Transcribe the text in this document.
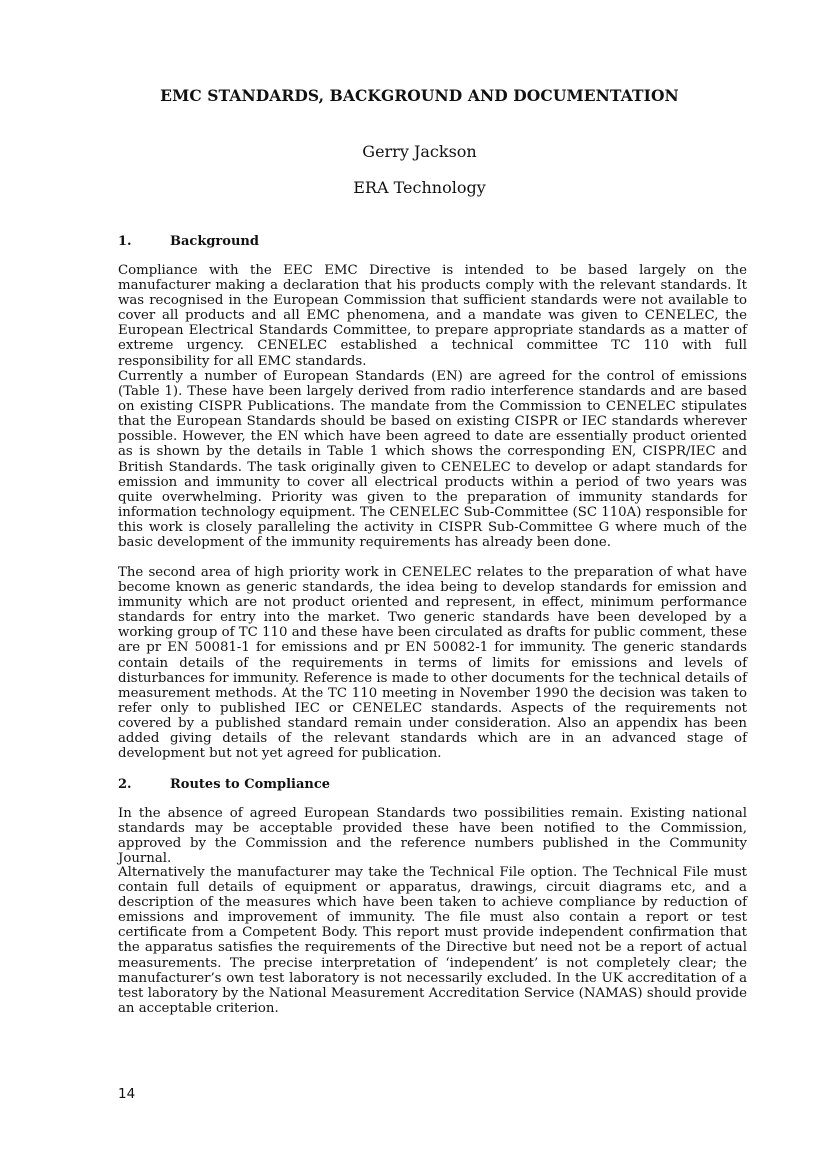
EMC STANDARDS, BACKGROUND AND DOCUMENTATION

Gerry Jackson

ERA Technology

1.	Background

Compliance with the EEC EMC Directive is intended to be based largely on the manufacturer making a declaration that his products comply with the relevant standards. It was recognised in the European Commission that sufficient standards were not available to cover all products and all EMC phenomena, and a mandate was given to CENELEC, the European Electrical Standards Committee, to prepare appropriate standards as a matter of extreme urgency. CENELEC established a technical committee TC 110 with full responsibility for all EMC standards.

Currently a number of European Standards (EN) are agreed for the control of emissions (Table 1). These have been largely derived from radio interference standards and are based on existing CISPR Publications. The mandate from the Commission to CENELEC stipulates that the European Standards should be based on existing CISPR or IEC standards wherever possible. However, the EN which have been agreed to date are essentially product oriented as is shown by the details in Table 1 which shows the corresponding EN, CISPR/IEC and British Standards. The task originally given to CENELEC to develop or adapt standards for emission and immunity to cover all electrical products within a period of two years was quite overwhelming. Priority was given to the preparation of immunity standards for information technology equipment. The CENELEC Sub-Committee (SC 110A) responsible for this work is closely paralleling the activity in CISPR Sub-Committee G where much of the basic development of the immunity requirements has already been done.

The second area of high priority work in CENELEC relates to the preparation of what have become known as generic standards, the idea being to develop standards for emission and immunity which are not product oriented and represent, in effect, minimum performance standards for entry into the market. Two generic standards have been developed by a working group of TC 110 and these have been circulated as drafts for public comment, these are pr EN 50081-1 for emissions and pr EN 50082-1 for immunity. The generic standards contain details of the requirements in terms of limits for emissions and levels of disturbances for immunity. Reference is made to other documents for the technical details of measurement methods. At the TC 110 meeting in November 1990 the decision was taken to refer only to published IEC or CENELEC standards. Aspects of the requirements not covered by a published standard remain under consideration. Also an appendix has been added giving details of the relevant standards which are in an advanced stage of development but not yet agreed for publication.

2.	Routes to Compliance

In the absence of agreed European Standards two possibilities remain. Existing national standards may be acceptable provided these have been notified to the Commission, approved by the Commission and the reference numbers published in the Community Journal.

Alternatively the manufacturer may take the Technical File option. The Technical File must contain full details of equipment or apparatus, drawings, circuit diagrams etc, and a description of the measures which have been taken to achieve compliance by reduction of emissions and improvement of immunity. The file must also contain a report or test certificate from a Competent Body. This report must provide independent confirmation that the apparatus satisfies the requirements of the Directive but need not be a report of actual measurements. The precise interpretation of ‘independent’ is not completely clear; the manufacturer’s own test laboratory is not necessarily excluded. In the UK accreditation of a test laboratory by the National Measurement Accreditation Service (NAMAS) should provide an acceptable criterion.

14
